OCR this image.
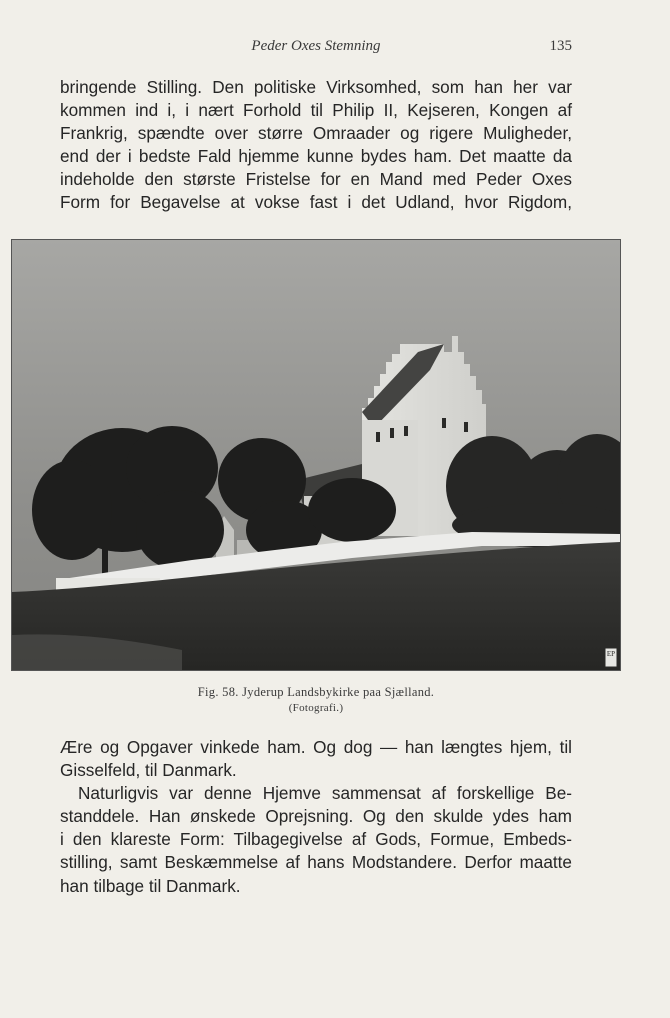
Peder Oxes Stemning	135
bringende Stilling. Den politiske Virksomhed, som han her var
kommen ind i, i nært Forhold til Philip II, Kejseren, Kongen af
Frankrig, spændte over større Omraader og rigere Muligheder,
end der i bedste Fald hjemme kunne bydes ham. Det maatte da
indeholde den største Fristelse for en Mand med Peder Oxes
Form for Begavelse at vokse fast i det Udland, hvor Rigdom,
EP
Fig. 58. Jyderup Landsbykirke paa Sjælland.
(Fotografi.)
Ære og Opgaver vinkede ham. Og dog — han længtes hjem, til
Gisselfeld, til Danmark.
Naturligvis var denne Hjemve sammensat af forskellige Be-
standdele. Han ønskede Oprejsning. Og den skulde ydes ham
i den klareste Form: Tilbagegivelse af Gods, Formue, Embeds-
stilling, samt Beskæmmelse af hans Modstandere. Derfor maatte
han tilbage til Danmark.
